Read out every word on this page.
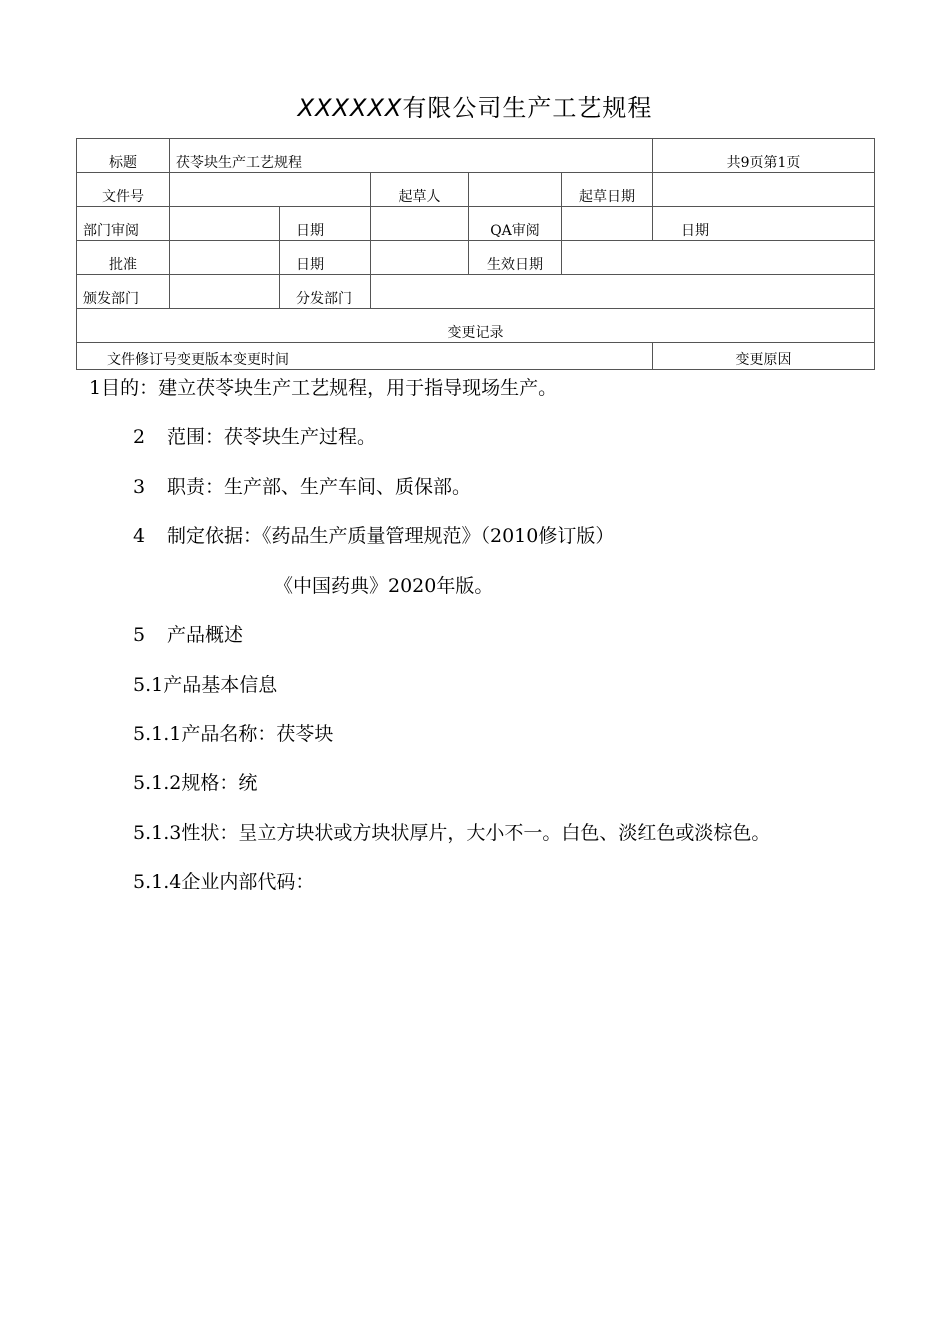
XXXXXX有限公司生产工艺规程
标题	茯苓块生产工艺规程					共9页第1页
文件号			起草人		起草日期	
部门审阅		日期		QA审阅		日期
批准		日期		生效日期		
颁发部门		分发部门				
变更记录						
文件修订号变更版本变更时间						变更原因
1目的：建立茯苓块生产工艺规程，用于指导现场生产。
2 范围：茯苓块生产过程。
3 职责：生产部、生产车间、质保部。
4 制定依据：《药品生产质量管理规范》（2010修订版）
《中国药典》2020年版。
5 产品概述
5.1产品基本信息
5.1.1产品名称：茯苓块
5.1.2规格：统
5.1.3性状：呈立方块状或方块状厚片，大小不一。白色、淡红色或淡棕色。
5.1.4企业内部代码：
